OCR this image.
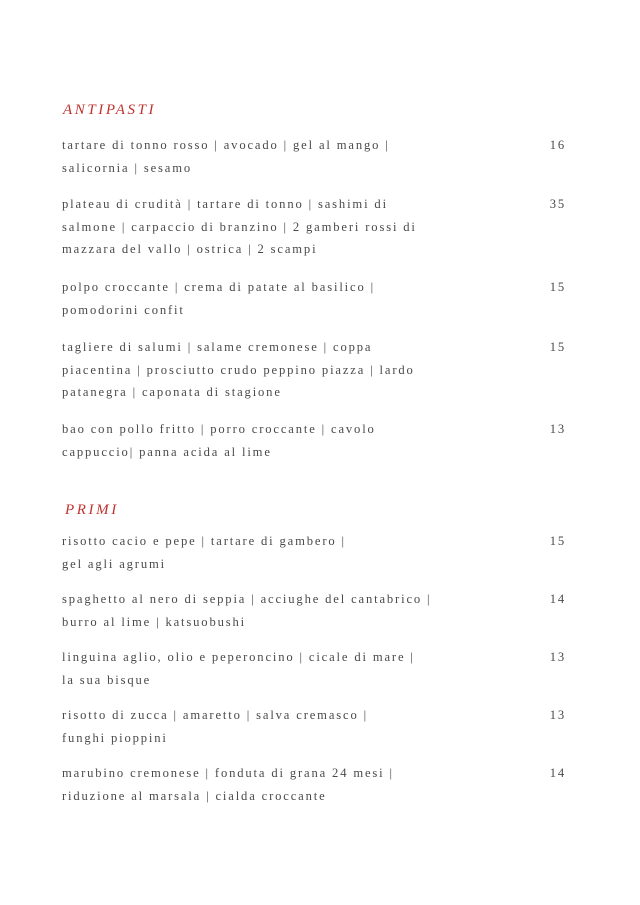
ANTIPASTI
tartare di tonno rosso | avocado | gel al mango |
salicornia | sesamo
16
plateau di crudità | tartare di tonno | sashimi di
salmone | carpaccio di branzino | 2 gamberi rossi di
mazzara del vallo | ostrica | 2 scampi
35
polpo croccante | crema di patate al basilico |
pomodorini confit
15
tagliere di salumi | salame cremonese | coppa
piacentina | prosciutto crudo peppino piazza | lardo
patanegra | caponata di stagione
15
bao con pollo fritto | porro croccante | cavolo
cappuccio| panna acida al lime
13
PRIMI
risotto cacio e pepe | tartare di gambero |
gel agli agrumi
15
spaghetto al nero di seppia | acciughe del cantabrico |
burro al lime | katsuobushi
14
linguina aglio, olio e peperoncino | cicale di mare |
la sua bisque
13
risotto di zucca | amaretto | salva cremasco |
funghi pioppini
13
marubino cremonese | fonduta di grana 24 mesi |
riduzione al marsala | cialda croccante
14
